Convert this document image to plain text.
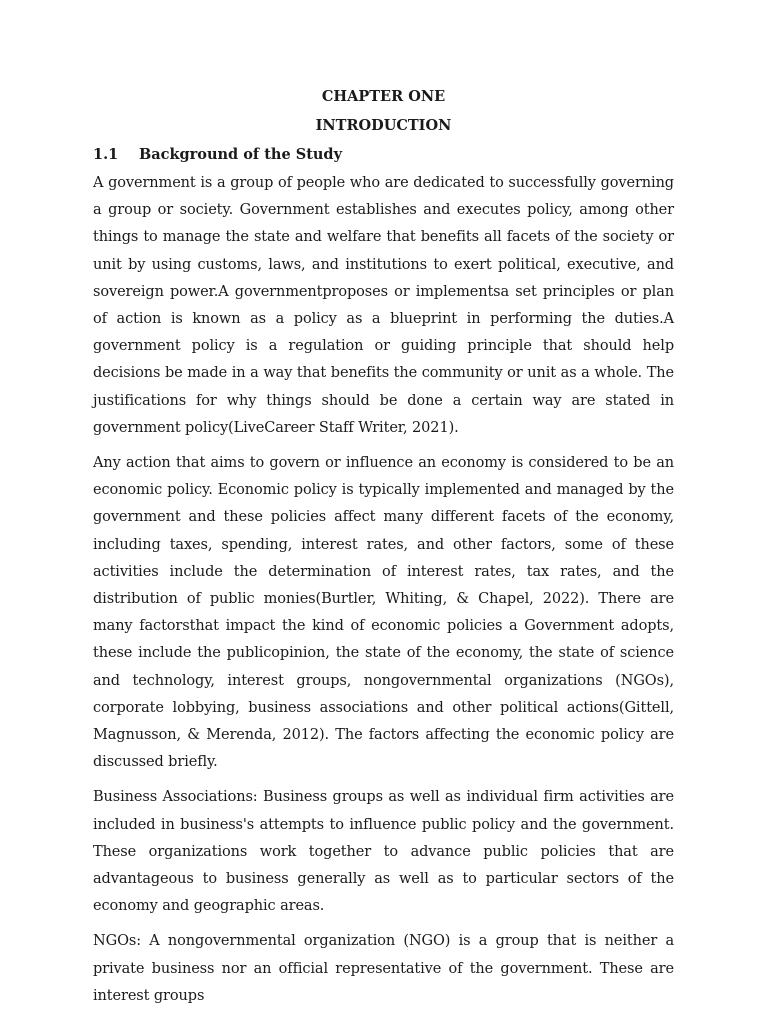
CHAPTER ONE

INTRODUCTION

1.1	Background of the Study

A government is a group of people who are dedicated to successfully governing a group or society. Government establishes and executes policy, among other things to manage the state and welfare that benefits all facets of the society or unit by using customs, laws, and institutions to exert political, executive, and sovereign power.A governmentproposes or implementsa set principles or plan of action is known as a policy as a blueprint in performing the duties.A government policy is a regulation or guiding principle that should help decisions be made in a way that benefits the community or unit as a whole. The justifications for why things should be done a certain way are stated in government policy(LiveCareer Staff Writer, 2021).

Any action that aims to govern or influence an economy is considered to be an economic policy. Economic policy is typically implemented and managed by the government and these policies affect many different facets of the economy, including taxes, spending, interest rates, and other factors, some of these activities include the determination of interest rates, tax rates, and the distribution of public monies(Burtler, Whiting, & Chapel, 2022). There are many factorsthat impact the kind of economic policies a Government adopts, these include the publicopinion, the state of the economy, the state of science and technology, interest groups, nongovernmental organizations (NGOs), corporate lobbying, business associations and other political actions(Gittell, Magnusson, & Merenda, 2012). The factors affecting the economic policy are discussed briefly.

Business Associations: Business groups as well as individual firm activities are included in business's attempts to influence public policy and the government. These organizations work together to advance public policies that are advantageous to business generally as well as to particular sectors of the economy and geographic areas.

NGOs: A nongovernmental organization (NGO) is a group that is neither a private business nor an official representative of the government. These are interest groups
